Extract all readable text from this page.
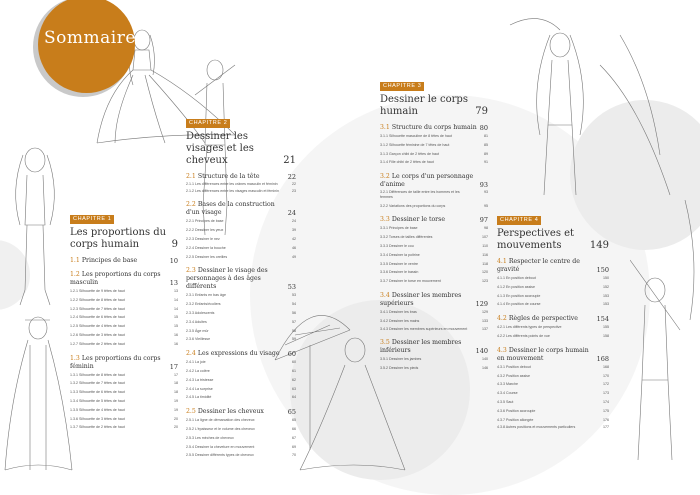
Sommaire
CHAPITRE 1
Les proportions du corps humain	9
1.1 Principes de base	10
1.2 Les proportions du corps masculin	13
1.2.1 Silhouette de 9 têtes de haut	13
1.2.2 Silhouette de 8 têtes de haut	14
1.2.3 Silhouette de 7 têtes de haut	14
1.2.4 Silhouette de 6 têtes de haut	15
1.2.5 Silhouette de 4 têtes de haut	15
1.2.6 Silhouette de 3 têtes de haut	16
1.2.7 Silhouette de 2 têtes de haut	16
1.3 Les proportions du corps féminin	17
1.3.1 Silhouette de 8 têtes de haut	17
1.3.2 Silhouette de 7 têtes de haut	18
1.3.3 Silhouette de 6 têtes de haut	18
1.3.4 Silhouette de 5 têtes de haut	19
1.3.5 Silhouette de 4 têtes de haut	19
1.3.6 Silhouette de 3 têtes de haut	20
1.3.7 Silhouette de 2 têtes de haut	20
CHAPITRE 2
Dessiner les visages et les cheveux	21
2.1 Structure de la tête	22
2.1.1 Les différences entre les crânes masculin et féminin	22
2.1.2 Les différences entre les visages masculin et féminin	23
2.2 Bases de la construction d'un visage	24
2.2.1 Principes de base	24
2.2.2 Dessiner les yeux	39
2.2.3 Dessiner le nez	42
2.2.4 Dessiner la bouche	46
2.2.5 Dessiner les oreilles	49
2.3 Dessiner le visage des personnages à des âges différents	53
2.3.1 Enfants en bas âge	53
2.3.2 Enfants/écoliers	54
2.3.3 Adolescents	56
2.3.4 Adultes	57
2.3.5 Âge mûr	58
2.3.6 Vieillesse	59
2.4 Les expressions du visage 60
2.4.1 La joie	60
2.4.2 La colère	61
2.4.3 La tristesse	62
2.4.4 La surprise	63
2.4.5 La timidité	64
2.5 Dessiner les cheveux	65
2.5.1 La ligne de démarcation des cheveux	65
2.5.2 L'épaisseur et le volume des cheveux	66
2.5.3 Les mèches de cheveux	67
2.5.4 Dessiner la chevelure en mouvement	69
2.5.5 Dessiner différents types de cheveux	70
CHAPITRE 3
Dessiner le corps humain	79
3.1 Structure du corps humain 80
3.1.1 Silhouette masculine de 8 têtes de haut	81
3.1.2 Silhouette féminine de 7 têtes de haut	85
3.1.3 Garçon chibi de 2 têtes de haut	89
3.1.4 Fille chibi de 2 têtes de haut	91
3.2 Le corps d'un personnage d'anime	93
3.2.1 Différences de taille entre les hommes et les femmes
93
3.2.2 Variations des proportions du corps	95
3.3 Dessiner le torse	97
3.3.1 Principes de base	98
3.3.2 Torses de tailles différentes	107
3.3.3 Dessiner le cou	110
3.3.4 Dessiner la poitrine	116
3.3.5 Dessiner le ventre	118
3.3.6 Dessiner le bassin	120
3.3.7 Dessiner le torse en mouvement	123
3.4 Dessiner les membres supérieurs	129
3.4.1 Dessiner les bras	129
3.4.2 Dessiner les mains	133
3.4.3 Dessiner les membres supérieurs en mouvement	137
3.5 Dessiner les membres inférieurs	140
3.5.1 Dessiner les jambes	140
3.5.2 Dessiner les pieds	146
CHAPITRE 4
Perspectives et mouvements	149
4.1 Respecter le centre de gravité	150
4.1.1 En position debout	150
4.1.2 En position assise	152
4.1.3 En position accroupie	153
4.1.4 En position de course	153
4.2 Règles de perspective	154
4.2.1 Les différents types de perspective	155
4.2.2 Les différents points de vue	158
4.3 Dessiner le corps humain en mouvement	168
4.3.1 Position debout	168
4.3.2 Position assise	170
4.3.3 Marche	172
4.3.4 Course	173
4.3.5 Saut	174
4.3.6 Position accroupie	175
4.3.7 Position allongée	176
4.3.8 Autres positions et mouvements particuliers	177
